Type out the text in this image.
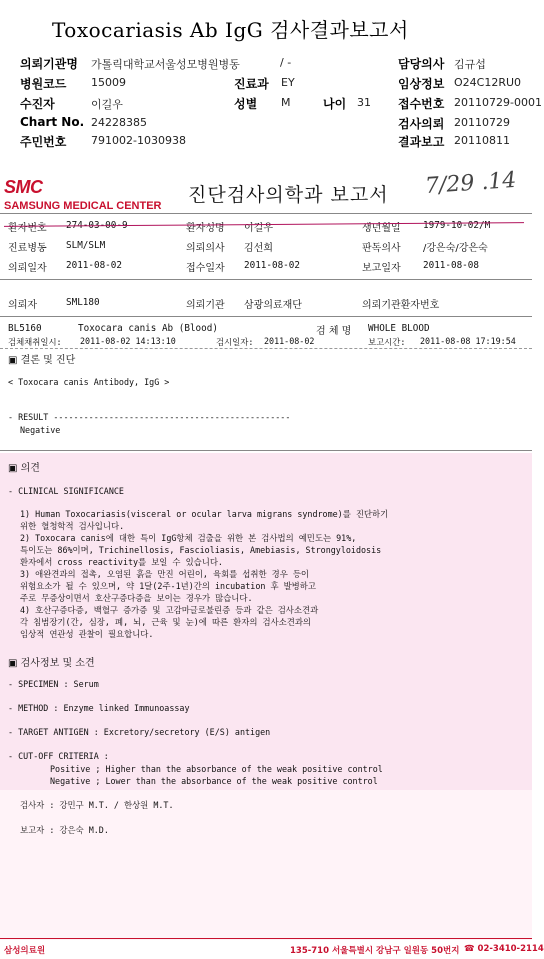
Toxocariasis Ab IgG 검사결과보고서
의뢰기관명 가톨릭대학교서울성모병원병동	/ -	담당의사 김규섭
병원코드 15009	진료과 EY	임상정보 O24C12RU0
수진자	이길우	성별 M	나이 31 접수번호 20110729-0001
Chart No. 24228385	검사의뢰 20110729
주민번호 791002-1030938	결과보고 20110811
SMC
SAMSUNG MEDICAL CENTER 진단검사의학과 보고서 7/29 .14
환자번호 274-03-00-9	환자성명 이길우	생년월일 1979-10-02/M
진료병동 SLM/SLM	의뢰의사 김선희	판독의사 /강은숙/강은숙
의뢰일자 2011-08-02	접수일자 2011-08-02	보고일자 2011-08-08
의뢰자	SML180	의뢰기관 삼광의료재단	의뢰기관환자번호
BL5160	Toxocara canis Ab (Blood)	검 체 명 WHOLE BLOOD
검체채취일시: 2011-08-02 14:13:10	검시일자: 2011-08-02	보고시간: 2011-08-08 17:19:54
▣ 결론 및 진단
< Toxocara canis Antibody, IgG >
- RESULT -----------------------------------------------
Negative
▣ 의견
- CLINICAL SIGNIFICANCE
1) Human Toxocariasis(visceral or ocular larva migrans syndrome)를 진단하기
위한 혈청학적 검사입니다.
2) Toxocara canis에 대한 특이 IgG항체 검출을 위한 본 검사법의 예민도는 91%,
특이도는 86%이며, Trichinellosis, Fascioliasis, Amebiasis, Strongyloidosis
환자에서 cross reactivity를 보일 수 있습니다.
3) 애완견과의 접촉, 오염된 흙을 만진 어린이, 육회를 섭취한 경우 등이
위험요소가 될 수 있으며, 약 1달(2주-1년)간의 incubation 후 발병하고
주로 무증상이면서 호산구증다증을 보이는 경우가 많습니다.
4) 호산구증다증, 백혈구 증가증 및 고감마글로불린증 등과 같은 검사소견과
각 침범장기(간, 심장, 폐, 뇌, 근육 및 눈)에 따른 환자의 검사소견과의
임상적 연관성 관찰이 필요합니다.
▣ 검사정보 및 소견
- SPECIMEN : Serum
- METHOD : Enzyme linked Immunoassay
- TARGET ANTIGEN : Excretory/secretory (E/S) antigen
- CUT-OFF CRITERIA :
Positive ; Higher than the absorbance of the weak positive control
Negative ; Lower than the absorbance of the weak positive control
검사자 : 강민구 M.T. / 한상원 M.T.
보고자 : 강은숙 M.D.
삼성의료원	135-710 서울특별시 강남구 일원동 50번지 ☎ 02-3410-2114
